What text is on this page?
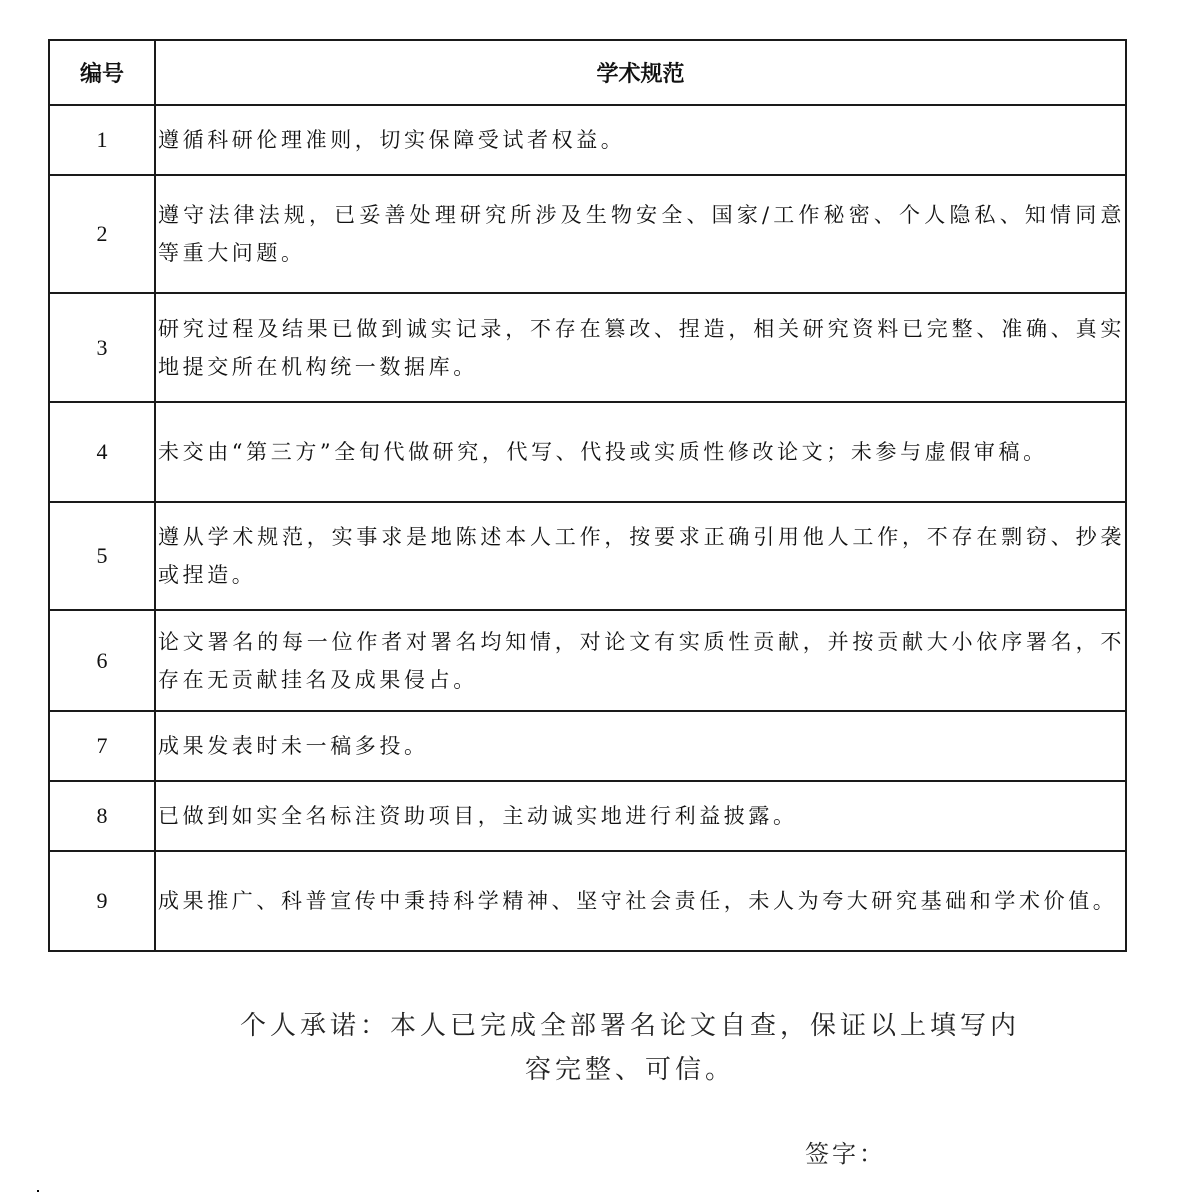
编号	学术规范
1	遵循科研伦理准则，切实保障受试者权益。
2	遵守法律法规，已妥善处理研究所涉及生物安全、国家/工作秘密、个人隐私、知情同意等重大问题。
3	研究过程及结果已做到诚实记录，不存在篡改、捏造，相关研究资料已完整、准确、真实地提交所在机构统一数据库。
4	未交由“第三方”全旬代做研究，代写、代投或实质性修改论文；未参与虚假审稿。
5	遵从学术规范，实事求是地陈述本人工作，按要求正确引用他人工作，不存在剽窃、抄袭或捏造。
6	论文署名的每一位作者对署名均知情，对论文有实质性贡献，并按贡献大小依序署名，不存在无贡献挂名及成果侵占。
7	成果发表时未一稿多投。
8	已做到如实全名标注资助项目，主动诚实地进行利益披露。
9	成果推广、科普宣传中秉持科学精神、坚守社会责任，未人为夸大研究基础和学术价值。
个人承诺：本人已完成全部署名论文自查，保证以上填写内
容完整、可信。
签字：
